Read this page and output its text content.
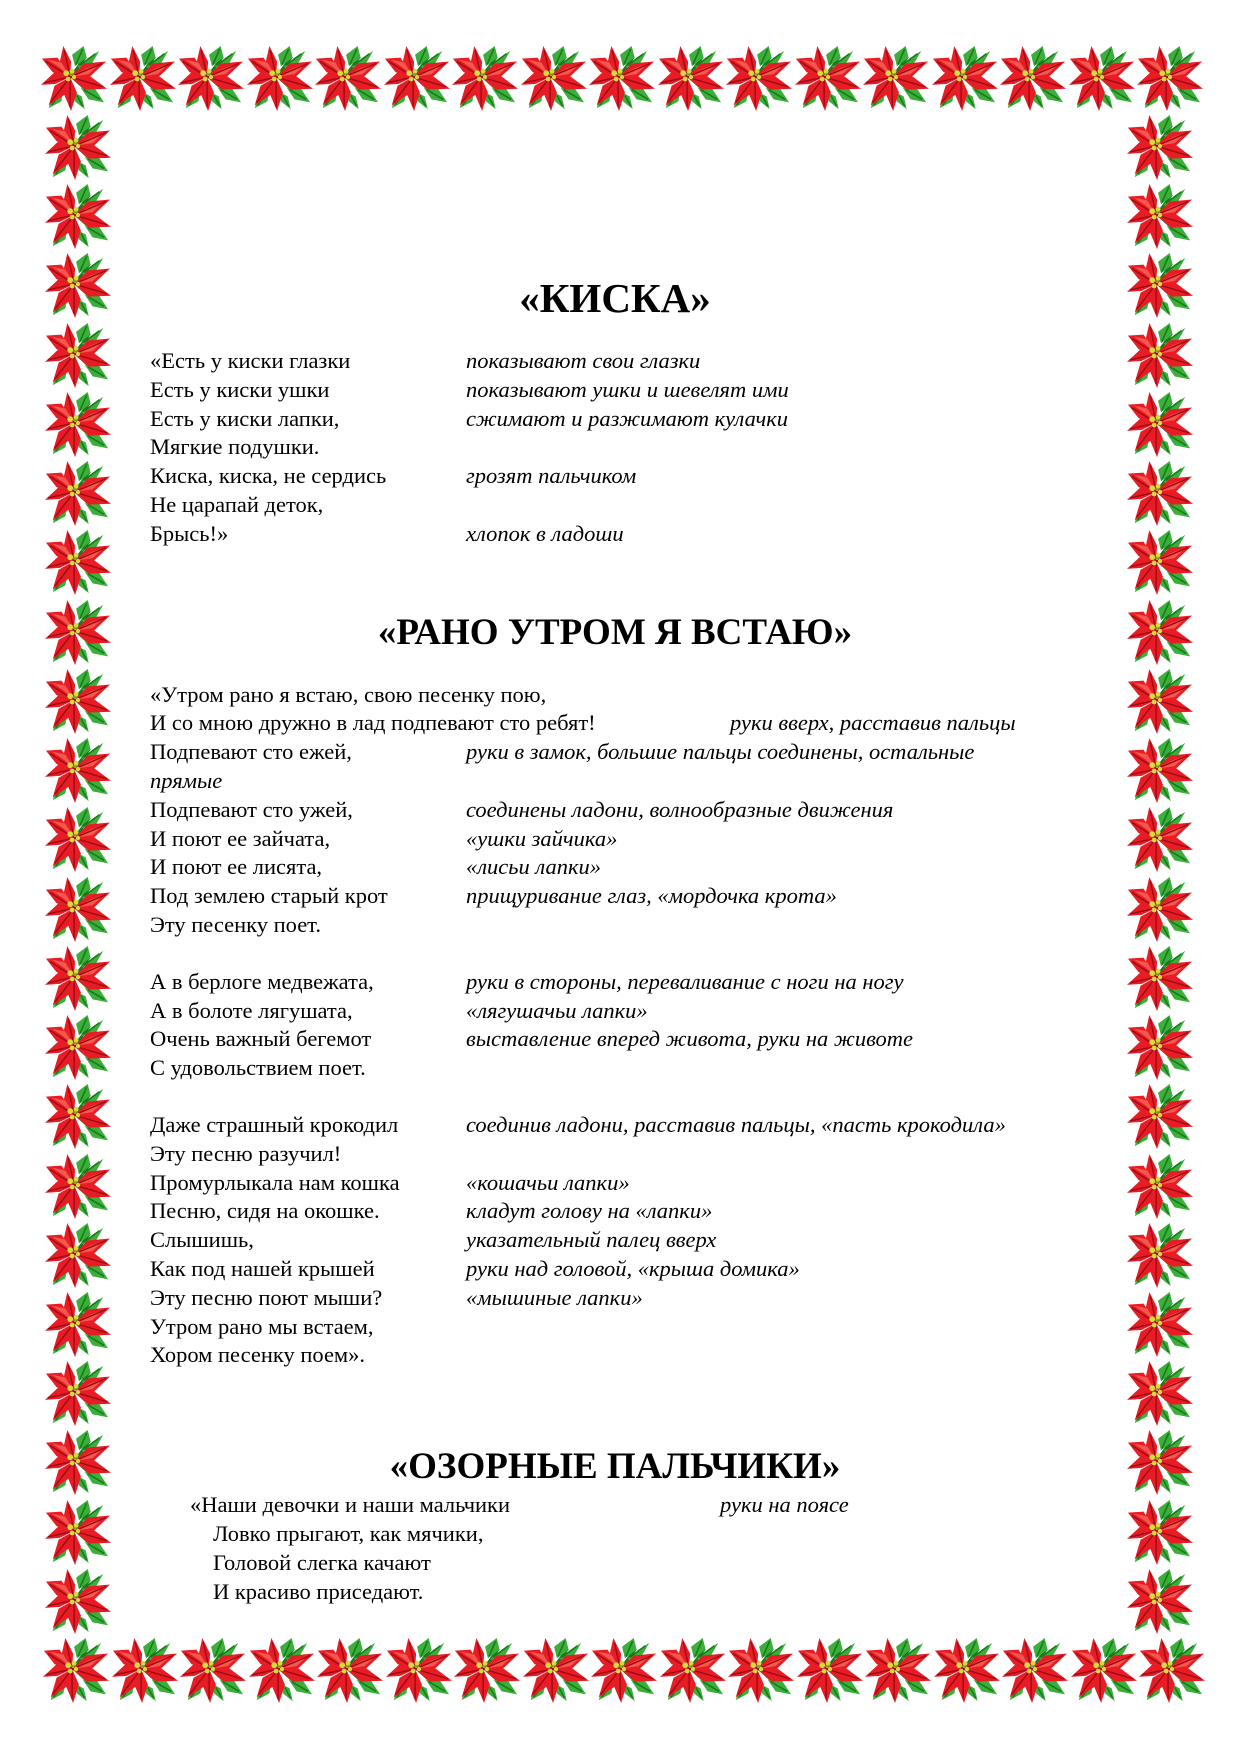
«КИСКА»
«Есть у киски глазки	показывают свои глазки
Есть у киски ушки	показывают ушки и шевелят ими
Есть у киски лапки,	сжимают и разжимают кулачки
Мягкие подушки.
Киска, киска, не сердись	грозят пальчиком
Не царапай деток,
Брысь!»	хлопок в ладоши
«РАНО УТРОМ Я ВСТАЮ»
«Утром рано я встаю, свою песенку пою,
И со мною дружно в лад подпевают сто ребят!	руки вверх, расставив пальцы
Подпевают сто ежей,	руки в замок, большие пальцы соединены, остальные
прямые
Подпевают сто ужей,	соединены ладони, волнообразные движения
И поют ее зайчата,	«ушки зайчика»
И поют ее лисята,	«лисьи лапки»
Под землею старый крот	прищуривание глаз, «мордочка крота»
Эту песенку поет.
А в берлоге медвежата,	руки в стороны, переваливание с ноги на ногу
А в болоте лягушата,	«лягушачьи лапки»
Очень важный бегемот	выставление вперед живота, руки на животе
С удовольствием поет.
Даже страшный крокодил	соединив ладони, расставив пальцы, «пасть крокодила»
Эту песню разучил!
Промурлыкала нам кошка	«кошачьи лапки»
Песню, сидя на окошке.	кладут голову на «лапки»
Слышишь,	указательный палец вверх
Как под нашей крышей	руки над головой, «крыша домика»
Эту песню поют мыши?	«мышиные лапки»
Утром рано мы встаем,
Хором песенку поем».
«ОЗОРНЫЕ ПАЛЬЧИКИ»
«Наши девочки и наши мальчики	руки на поясе
Ловко прыгают, как мячики,
Головой слегка качают
И красиво приседают.
